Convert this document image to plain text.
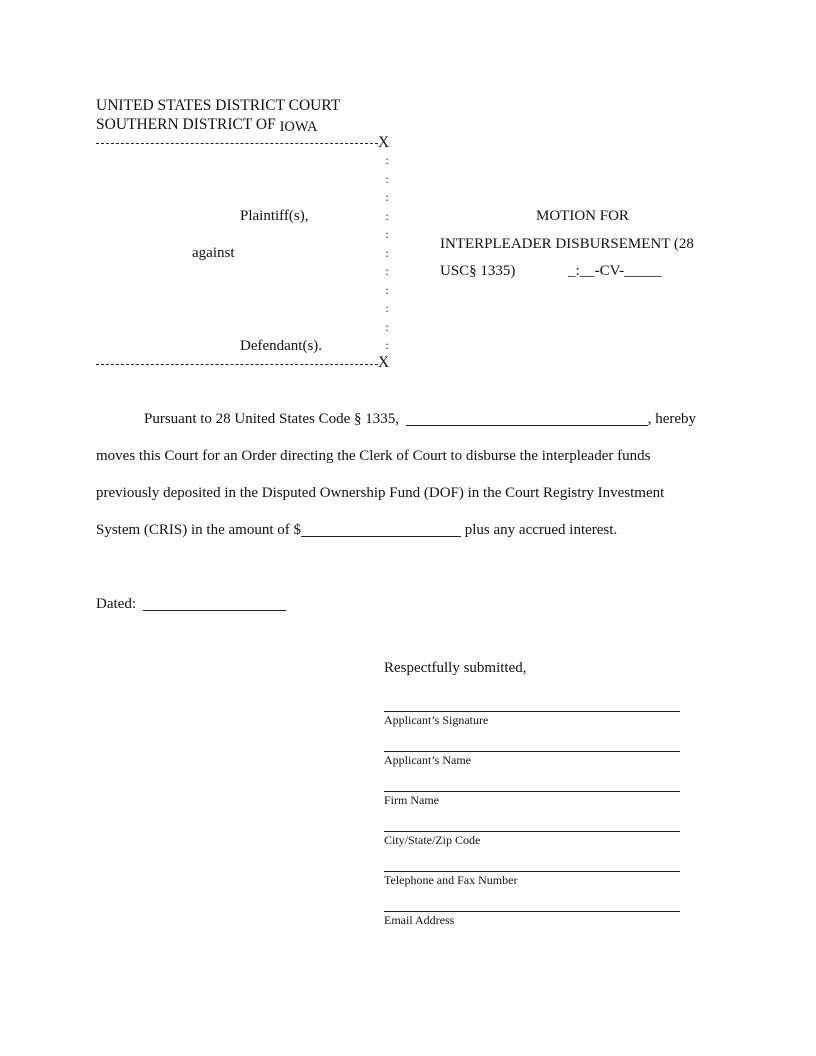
UNITED STATES DISTRICT COURT
SOUTHERN DISTRICT OF IOWA
X
:
:
:
:
:
:
:
:
:
:
:
Plaintiff(s),
against
Defendant(s).
X
MOTION FOR
INTERPLEADER DISBURSEMENT (28
USC§ 1335)	_:__-CV-_____
Pursuant to 28 United States Code § 1335,	, hereby
moves this Court for an Order directing the Clerk of Court to disburse the interpleader funds
previously deposited in the Disputed Ownership Fund (DOF) in the Court Registry Investment
System (CRIS) in the amount of $	plus any accrued interest.
Dated:
Respectfully submitted,
Applicant’s Signature
Applicant’s Name
Firm Name
City/State/Zip Code
Telephone and Fax Number
Email Address
